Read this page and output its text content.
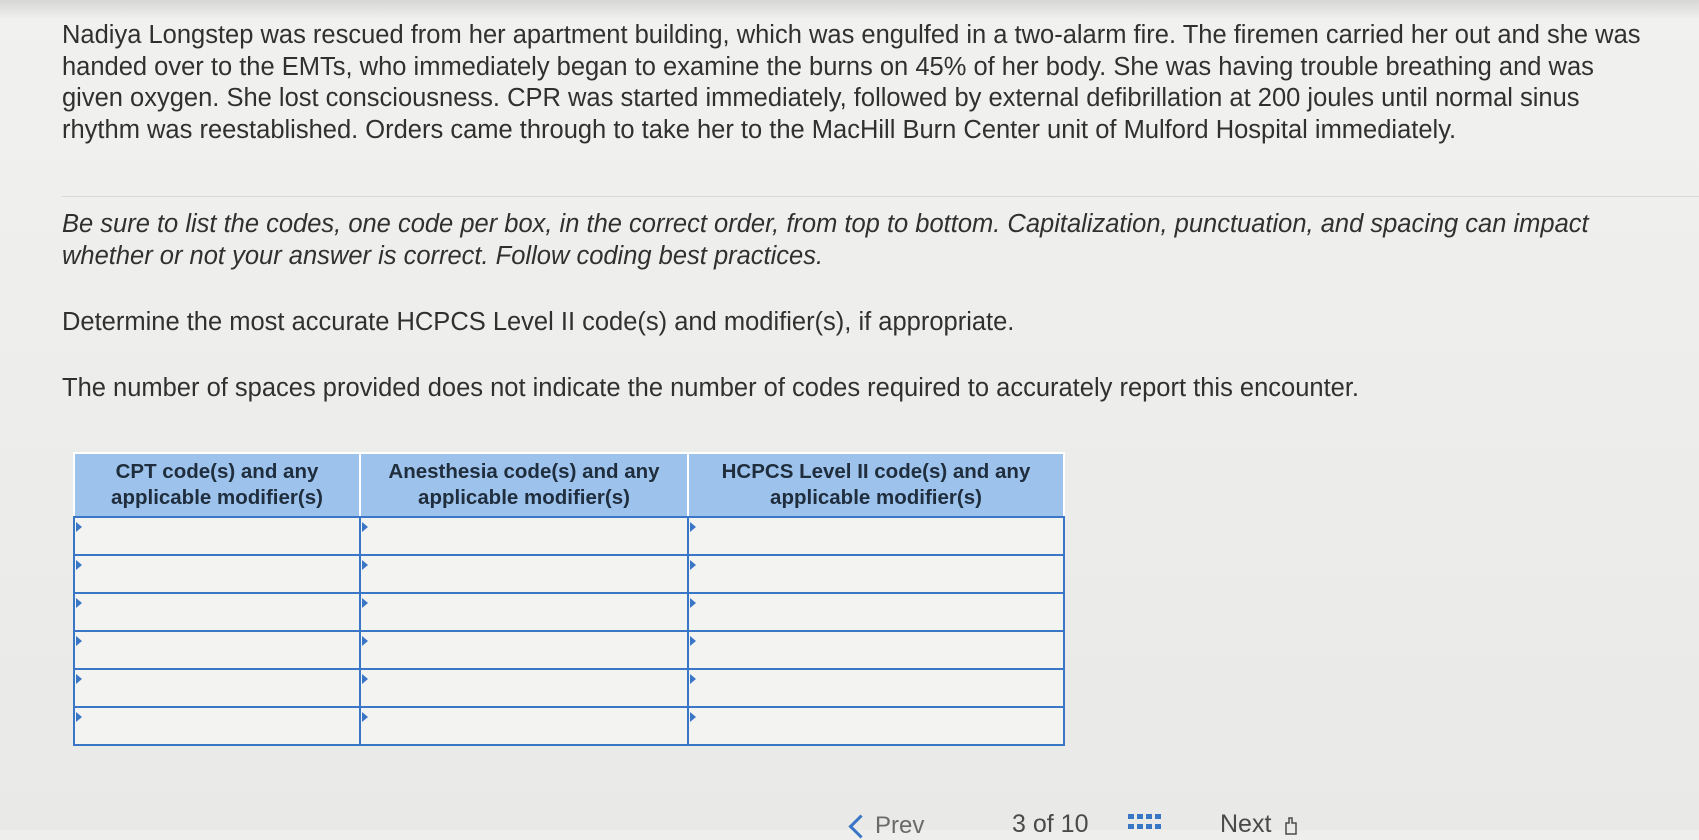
Nadiya Longstep was rescued from her apartment building, which was engulfed in a two-alarm fire. The firemen carried her out and she was handed over to the EMTs, who immediately began to examine the burns on 45% of her body. She was having trouble breathing and was given oxygen. She lost consciousness. CPR was started immediately, followed by external defibrillation at 200 joules until normal sinus rhythm was reestablished. Orders came through to take her to the MacHill Burn Center unit of Mulford Hospital immediately.

Be sure to list the codes, one code per box, in the correct order, from top to bottom. Capitalization, punctuation, and spacing can impact whether or not your answer is correct. Follow coding best practices.

Determine the most accurate HCPCS Level II code(s) and modifier(s), if appropriate.

The number of spaces provided does not indicate the number of codes required to accurately report this encounter.

CPT code(s) and any applicable modifier(s)	Anesthesia code(s) and any applicable modifier(s)	HCPCS Level II code(s) and any applicable modifier(s)

Prev	3 of 10	Next
